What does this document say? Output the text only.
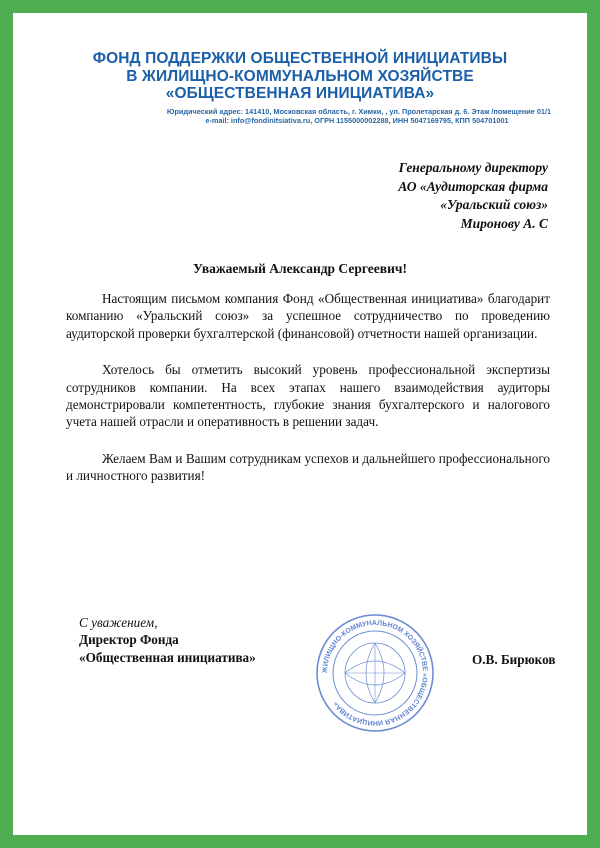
ФОНД ПОДДЕРЖКИ ОБЩЕСТВЕННОЙ ИНИЦИАТИВЫ
В ЖИЛИЩНО-КОММУНАЛЬНОМ ХОЗЯЙСТВЕ
«ОБЩЕСТВЕННАЯ ИНИЦИАТИВА»
Юридический адрес: 141410, Московская область, г. Химки, , ул. Пролетарская д. 6. Этаж /помещение 01/1
e-mail: info@fondinitsiativa.ru, ОГРН 1155000002288, ИНН 5047169795, КПП 504701001
Генеральному директору
АО «Аудиторская фирма
«Уральский союз»
Миронову А. С
Уважаемый Александр Сергеевич!

Настоящим письмом компания Фонд «Общественная инициатива» благодарит компанию «Уральский союз» за успешное сотрудничество по проведению аудиторской проверки бухгалтерской (финансовой) отчетности нашей организации.

Хотелось бы отметить высокий уровень профессиональной экспертизы сотрудников компании. На всех этапах нашего взаимодействия аудиторы демонстрировали компетентность, глубокие знания бухгалтерского и налогового учета нашей отрасли и оперативность в решении задач.

Желаем Вам и Вашим сотрудникам успехов и дальнейшего профессионального и личностного развития!

С уважением,
Директор Фонда
«Общественная инициатива»
ЖИЛИЩНО-КОММУНАЛЬНОМ ХОЗЯЙСТВЕ «ОБЩЕСТВЕННАЯ ИНИЦИАТИВА»
О.В. Бирюков
